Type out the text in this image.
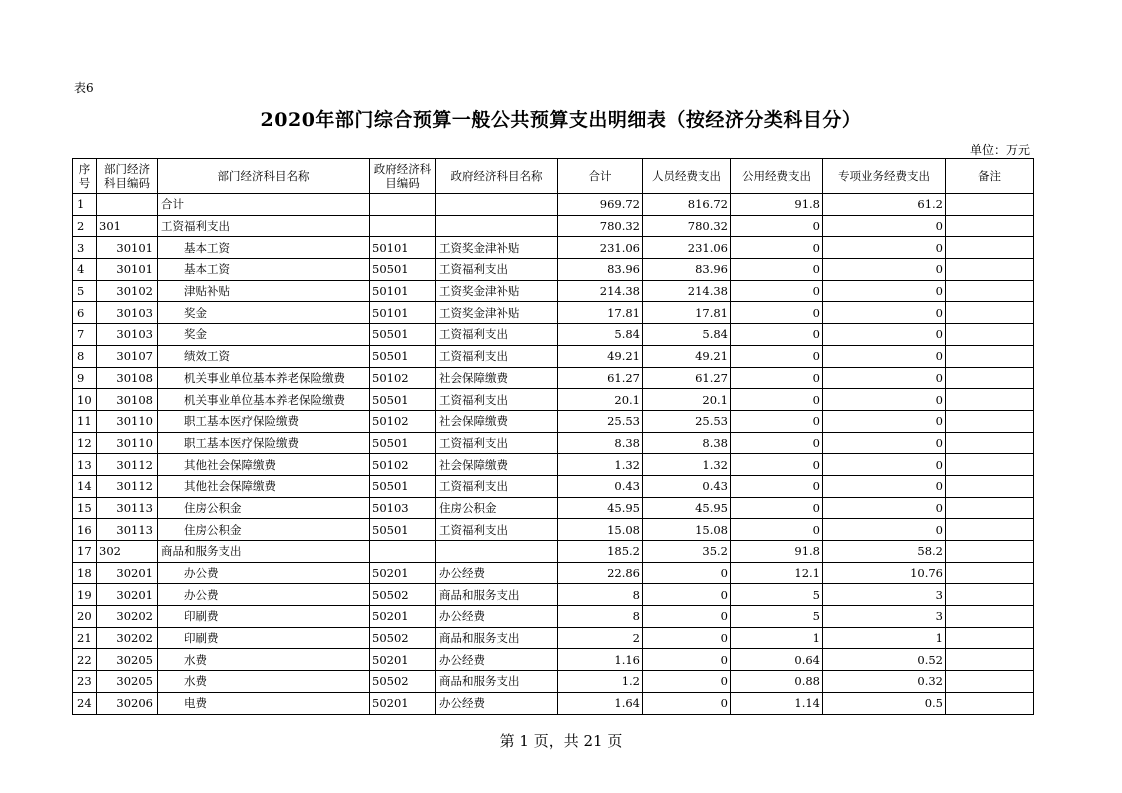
表6
2020年部门综合预算一般公共预算支出明细表（按经济分类科目分）
单位：万元
序号	部门经济科目编码	部门经济科目名称	政府经济科目编码	政府经济科目名称	合计	人员经费支出	公用经费支出	专项业务经费支出	备注
1		合计			969.72	816.72	91.8	61.2	
2	301	工资福利支出			780.32	780.32	0	0	
3	30101	基本工资	50101	工资奖金津补贴	231.06	231.06	0	0	
4	30101	基本工资	50501	工资福利支出	83.96	83.96	0	0	
5	30102	津贴补贴	50101	工资奖金津补贴	214.38	214.38	0	0	
6	30103	奖金	50101	工资奖金津补贴	17.81	17.81	0	0	
7	30103	奖金	50501	工资福利支出	5.84	5.84	0	0	
8	30107	绩效工资	50501	工资福利支出	49.21	49.21	0	0	
9	30108	机关事业单位基本养老保险缴费	50102	社会保障缴费	61.27	61.27	0	0	
10	30108	机关事业单位基本养老保险缴费	50501	工资福利支出	20.1	20.1	0	0	
11	30110	职工基本医疗保险缴费	50102	社会保障缴费	25.53	25.53	0	0	
12	30110	职工基本医疗保险缴费	50501	工资福利支出	8.38	8.38	0	0	
13	30112	其他社会保障缴费	50102	社会保障缴费	1.32	1.32	0	0	
14	30112	其他社会保障缴费	50501	工资福利支出	0.43	0.43	0	0	
15	30113	住房公积金	50103	住房公积金	45.95	45.95	0	0	
16	30113	住房公积金	50501	工资福利支出	15.08	15.08	0	0	
17	302	商品和服务支出			185.2	35.2	91.8	58.2	
18	30201	办公费	50201	办公经费	22.86	0	12.1	10.76	
19	30201	办公费	50502	商品和服务支出	8	0	5	3	
20	30202	印刷费	50201	办公经费	8	0	5	3	
21	30202	印刷费	50502	商品和服务支出	2	0	1	1	
22	30205	水费	50201	办公经费	1.16	0	0.64	0.52	
23	30205	水费	50502	商品和服务支出	1.2	0	0.88	0.32	
24	30206	电费	50201	办公经费	1.64	0	1.14	0.5	
第 1 页，共 21 页
